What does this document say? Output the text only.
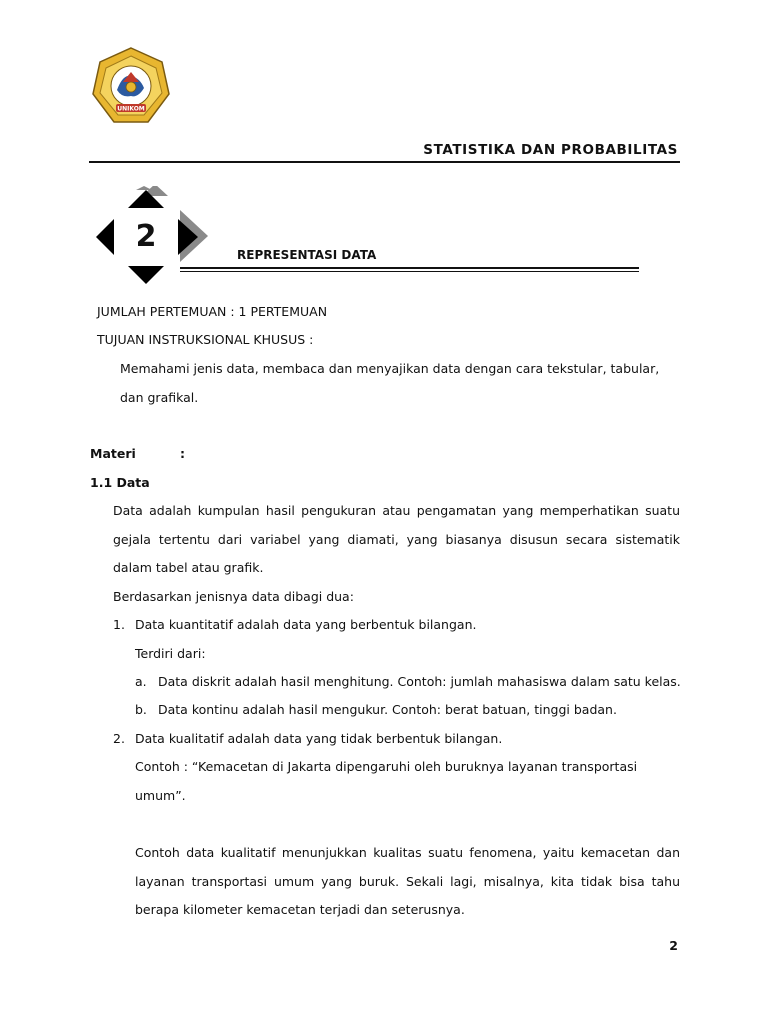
UNIKOM
STATISTIKA DAN PROBABILITAS
2
REPRESENTASI DATA
JUMLAH PERTEMUAN : 1 PERTEMUAN
TUJUAN INSTRUKSIONAL KHUSUS :
Memahami jenis data, membaca dan menyajikan data dengan cara tekstular, tabular, dan grafikal.
Materi	:
1.1 Data
Data adalah kumpulan hasil pengukuran atau pengamatan yang memperhatikan suatu gejala tertentu dari variabel yang diamati, yang biasanya disusun secara sistematik dalam tabel atau grafik.
Berdasarkan jenisnya data dibagi dua:
1. Data kuantitatif adalah data yang berbentuk bilangan.
Terdiri dari:
a. Data diskrit adalah hasil menghitung. Contoh: jumlah mahasiswa dalam satu kelas.
b. Data kontinu adalah hasil mengukur. Contoh: berat batuan, tinggi badan.
2. Data kualitatif adalah data yang tidak berbentuk bilangan.
Contoh : “Kemacetan di Jakarta dipengaruhi oleh buruknya layanan transportasi umum”.
Contoh data kualitatif menunjukkan kualitas suatu fenomena, yaitu kemacetan dan layanan transportasi umum yang buruk. Sekali lagi, misalnya, kita tidak bisa tahu berapa kilometer kemacetan terjadi dan seterusnya.
2
